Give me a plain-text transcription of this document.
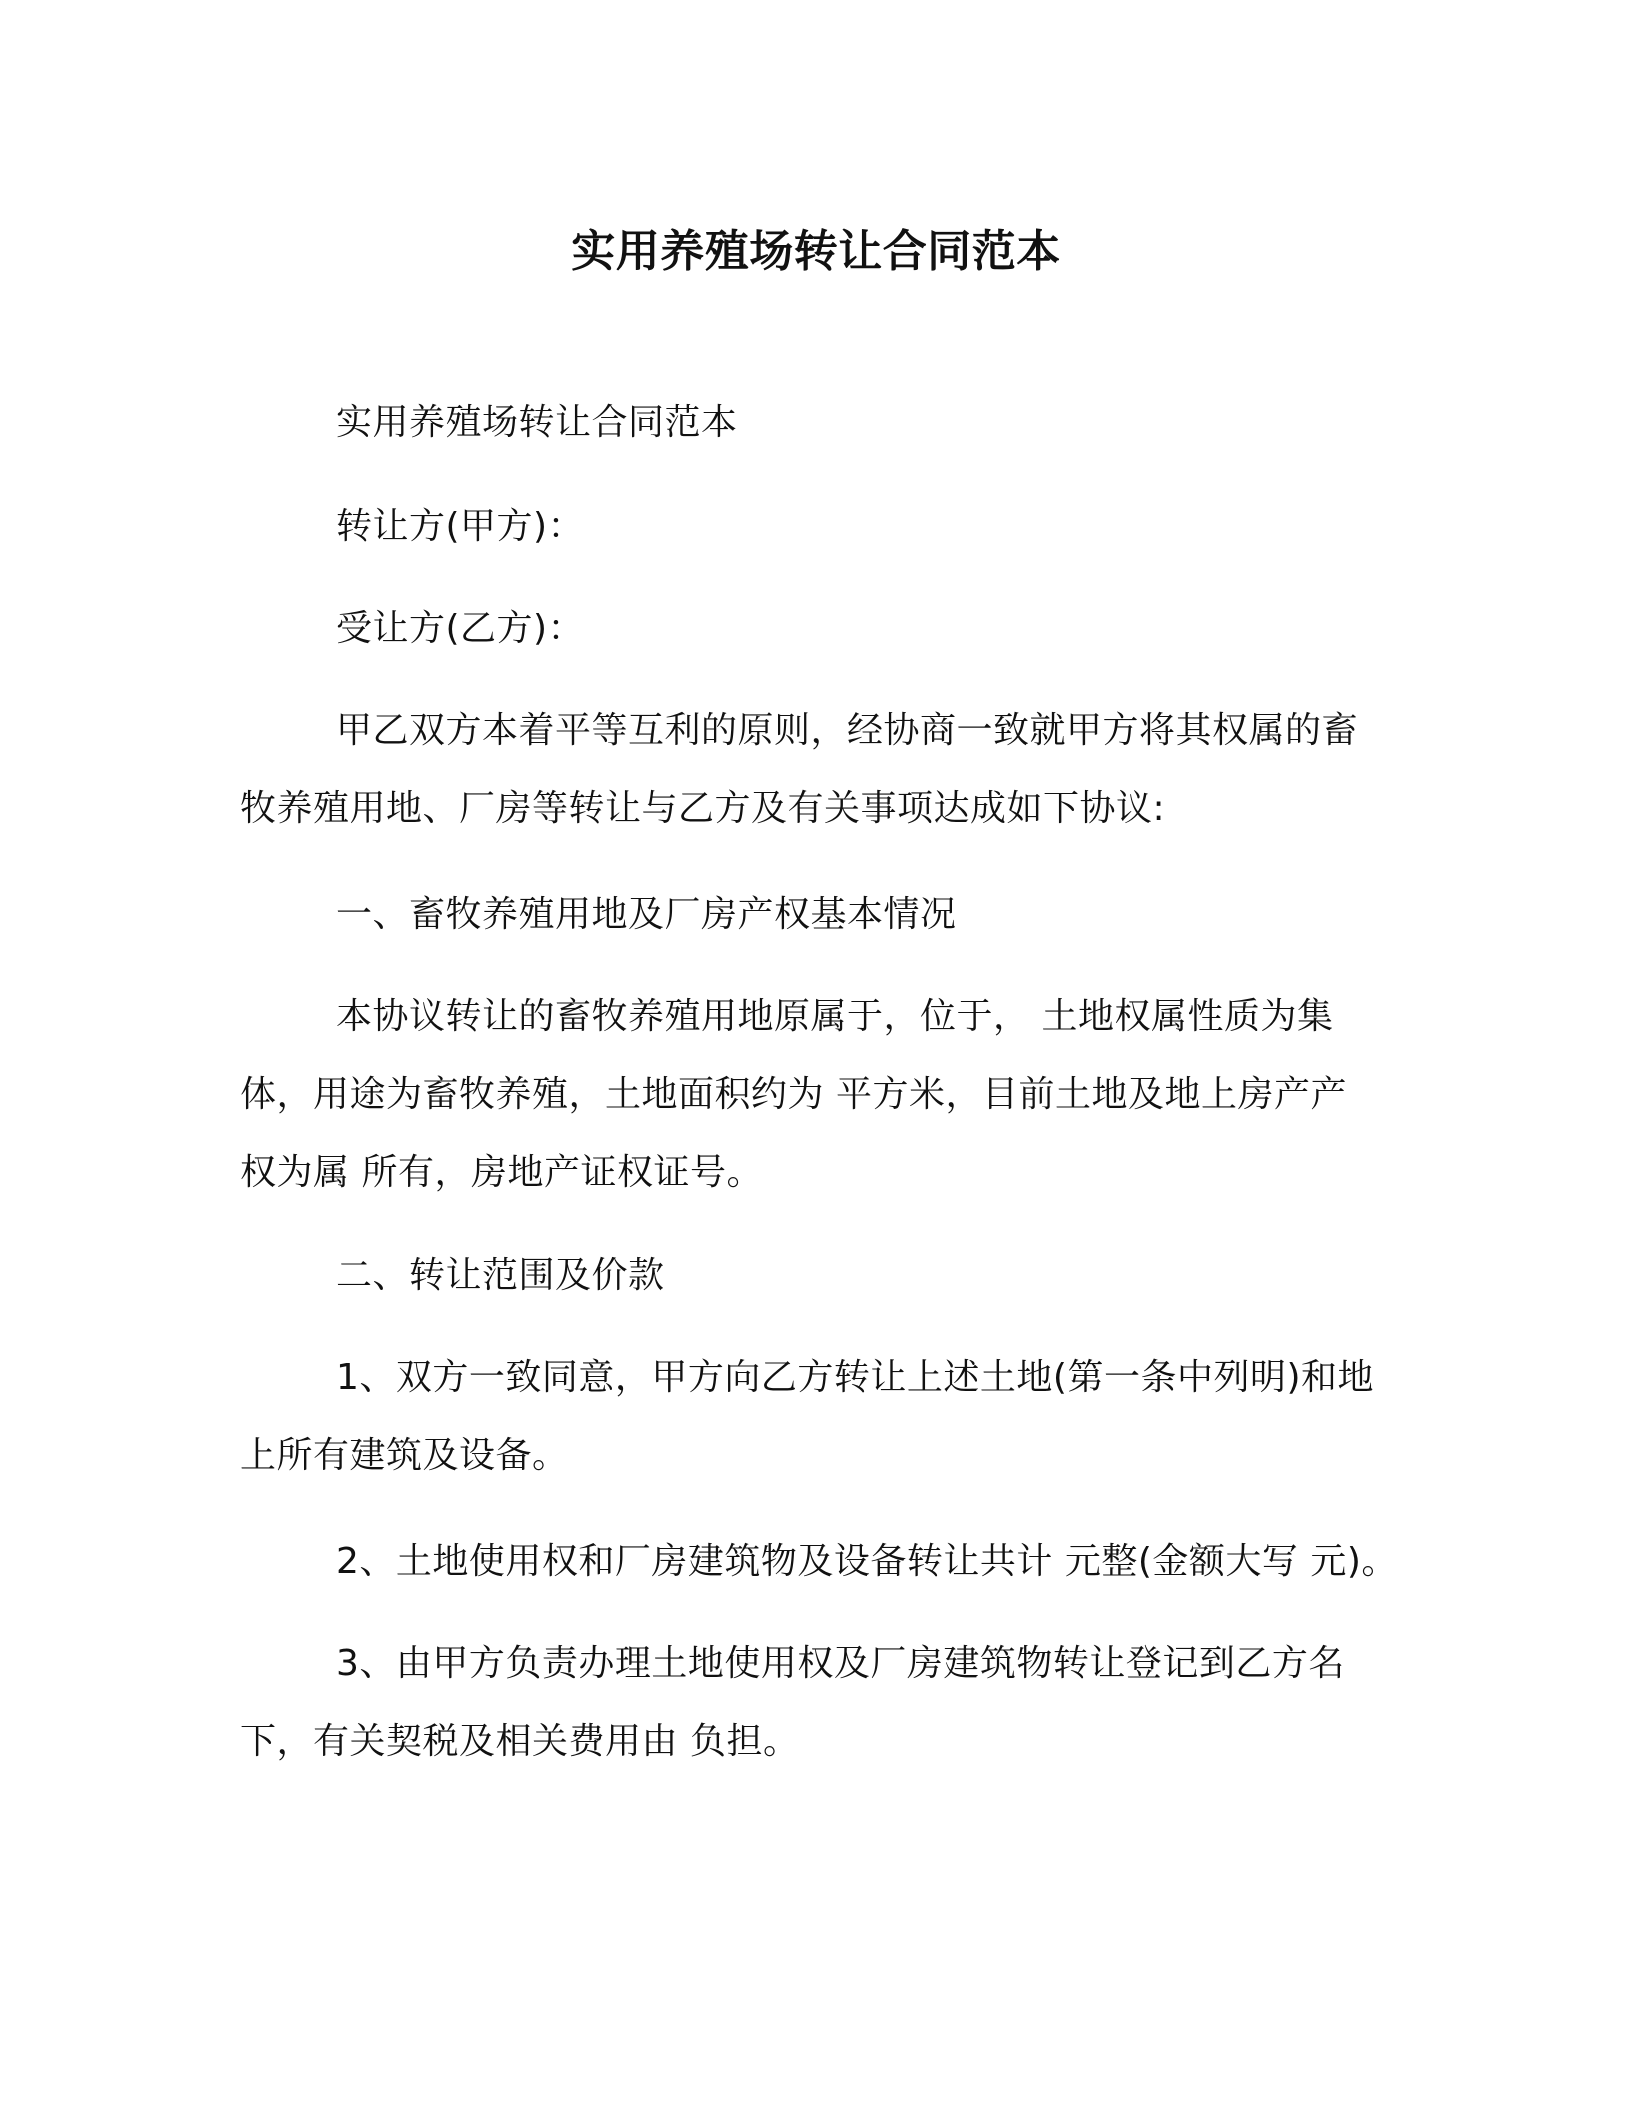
实用养殖场转让合同范本

实用养殖场转让合同范本

转让方(甲方)：

受让方(乙方)：

甲乙双方本着平等互利的原则，经协商一致就甲方将其权属的畜牧养殖用地、厂房等转让与乙方及有关事项达成如下协议:

一、畜牧养殖用地及厂房产权基本情况

本协议转让的畜牧养殖用地原属于，位于， 土地权属性质为集体，用途为畜牧养殖，土地面积约为 平方米，目前土地及地上房产产权为属 所有，房地产证权证号。

二、转让范围及价款

1、双方一致同意，甲方向乙方转让上述土地(第一条中列明)和地上所有建筑及设备。

2、土地使用权和厂房建筑物及设备转让共计 元整(金额大写 元)。

3、由甲方负责办理土地使用权及厂房建筑物转让登记到乙方名下，有关契税及相关费用由 负担。
